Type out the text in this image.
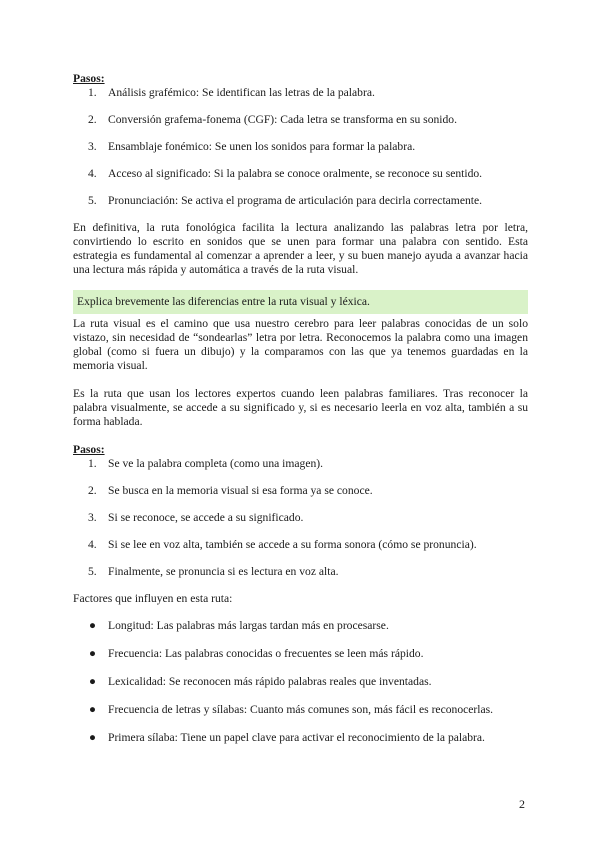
Pasos:
1. Análisis grafémico: Se identifican las letras de la palabra.
2. Conversión grafema-fonema (CGF): Cada letra se transforma en su sonido.
3. Ensamblaje fonémico: Se unen los sonidos para formar la palabra.
4. Acceso al significado: Si la palabra se conoce oralmente, se reconoce su sentido.
5. Pronunciación: Se activa el programa de articulación para decirla correctamente.

En definitiva, la ruta fonológica facilita la lectura analizando las palabras letra por letra, convirtiendo lo escrito en sonidos que se unen para formar una palabra con sentido. Esta estrategia es fundamental al comenzar a aprender a leer, y su buen manejo ayuda a avanzar hacia una lectura más rápida y automática a través de la ruta visual.

Explica brevemente las diferencias entre la ruta visual y léxica.

La ruta visual es el camino que usa nuestro cerebro para leer palabras conocidas de un solo vistazo, sin necesidad de “sondearlas” letra por letra. Reconocemos la palabra como una imagen global (como si fuera un dibujo) y la comparamos con las que ya tenemos guardadas en la memoria visual.

Es la ruta que usan los lectores expertos cuando leen palabras familiares. Tras reconocer la palabra visualmente, se accede a su significado y, si es necesario leerla en voz alta, también a su forma hablada.

Pasos:
1. Se ve la palabra completa (como una imagen).
2. Se busca en la memoria visual si esa forma ya se conoce.
3. Si se reconoce, se accede a su significado.
4. Si se lee en voz alta, también se accede a su forma sonora (cómo se pronuncia).
5. Finalmente, se pronuncia si es lectura en voz alta.
Factores que influyen en esta ruta:
● Longitud: Las palabras más largas tardan más en procesarse.
● Frecuencia: Las palabras conocidas o frecuentes se leen más rápido.
● Lexicalidad: Se reconocen más rápido palabras reales que inventadas.
● Frecuencia de letras y sílabas: Cuanto más comunes son, más fácil es reconocerlas.
● Primera sílaba: Tiene un papel clave para activar el reconocimiento de la palabra.
2
